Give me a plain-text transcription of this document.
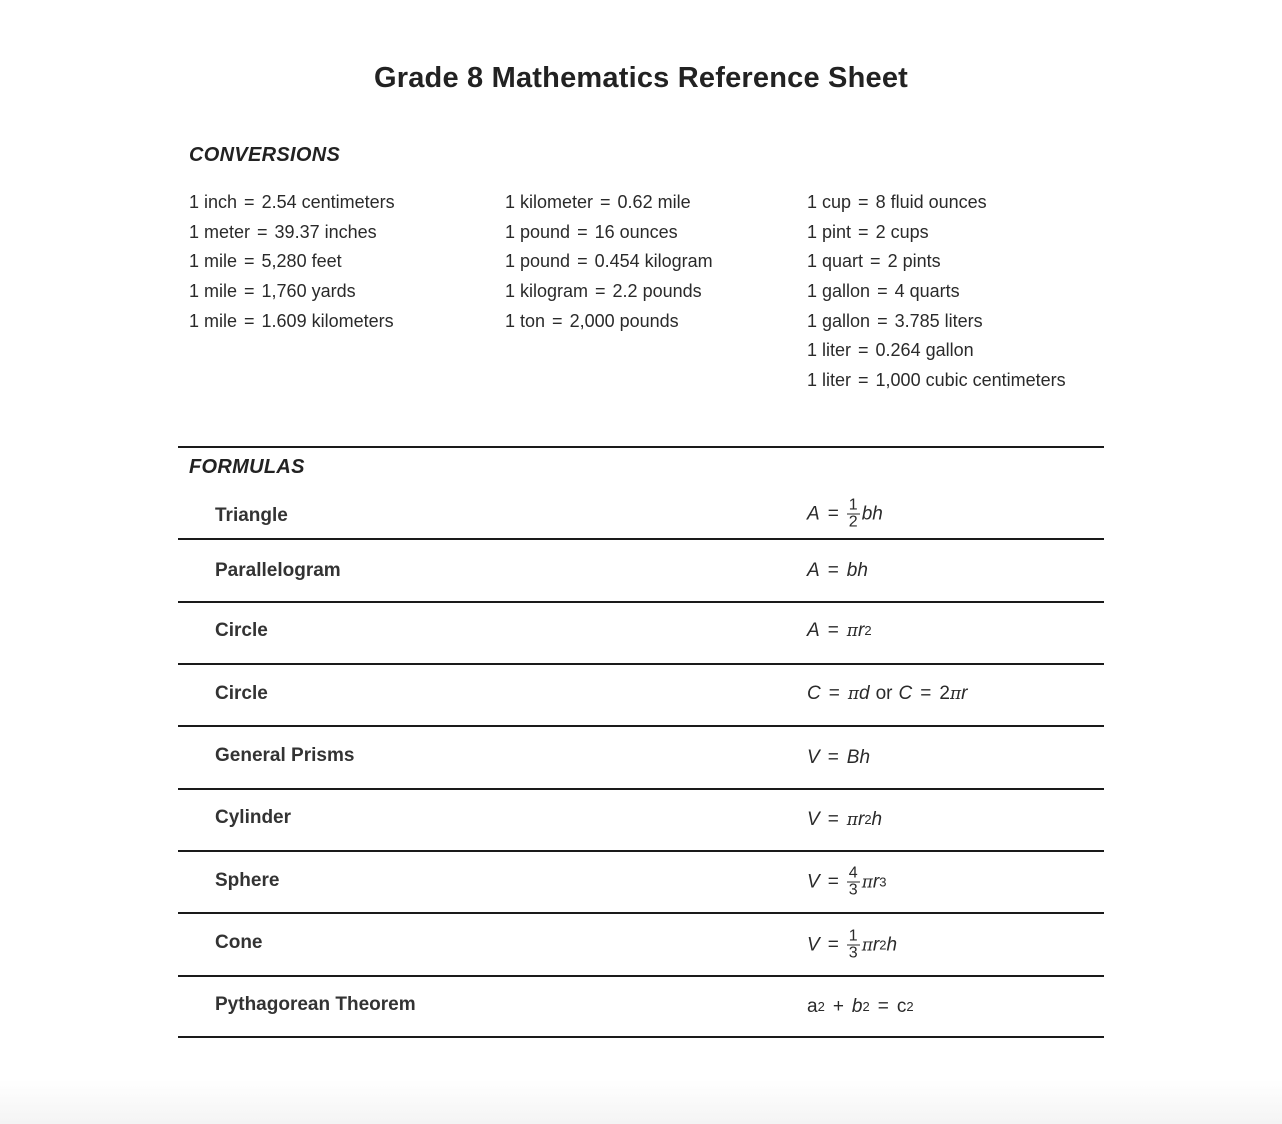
Grade 8 Mathematics Reference Sheet
CONVERSIONS
1 inch = 2.54 centimeters
1 meter = 39.37 inches
1 mile = 5,280 feet
1 mile = 1,760 yards
1 mile = 1.609 kilometers
1 kilometer = 0.62 mile
1 pound = 16 ounces
1 pound = 0.454 kilogram
1 kilogram = 2.2 pounds
1 ton = 2,000 pounds
1 cup = 8 fluid ounces
1 pint = 2 cups
1 quart = 2 pints
1 gallon = 4 quarts
1 gallon = 3.785 liters
1 liter = 0.264 gallon
1 liter = 1,000 cubic centimeters
FORMULAS
Triangle	$A = \frac{1}{2}$ b h
Parallelogram	A = b h
Circle	A = π r 2
Circle	C = π d or C = 2 π r
General Prisms	V = B h
Cylinder	V = π r 2 h
Sphere	$V = \frac{4}{3}$ π r 3
Cone	$V = \frac{1}{3}$ π r 2 h
Pythagorean Theorem	a 2 + b 2 = c 2
